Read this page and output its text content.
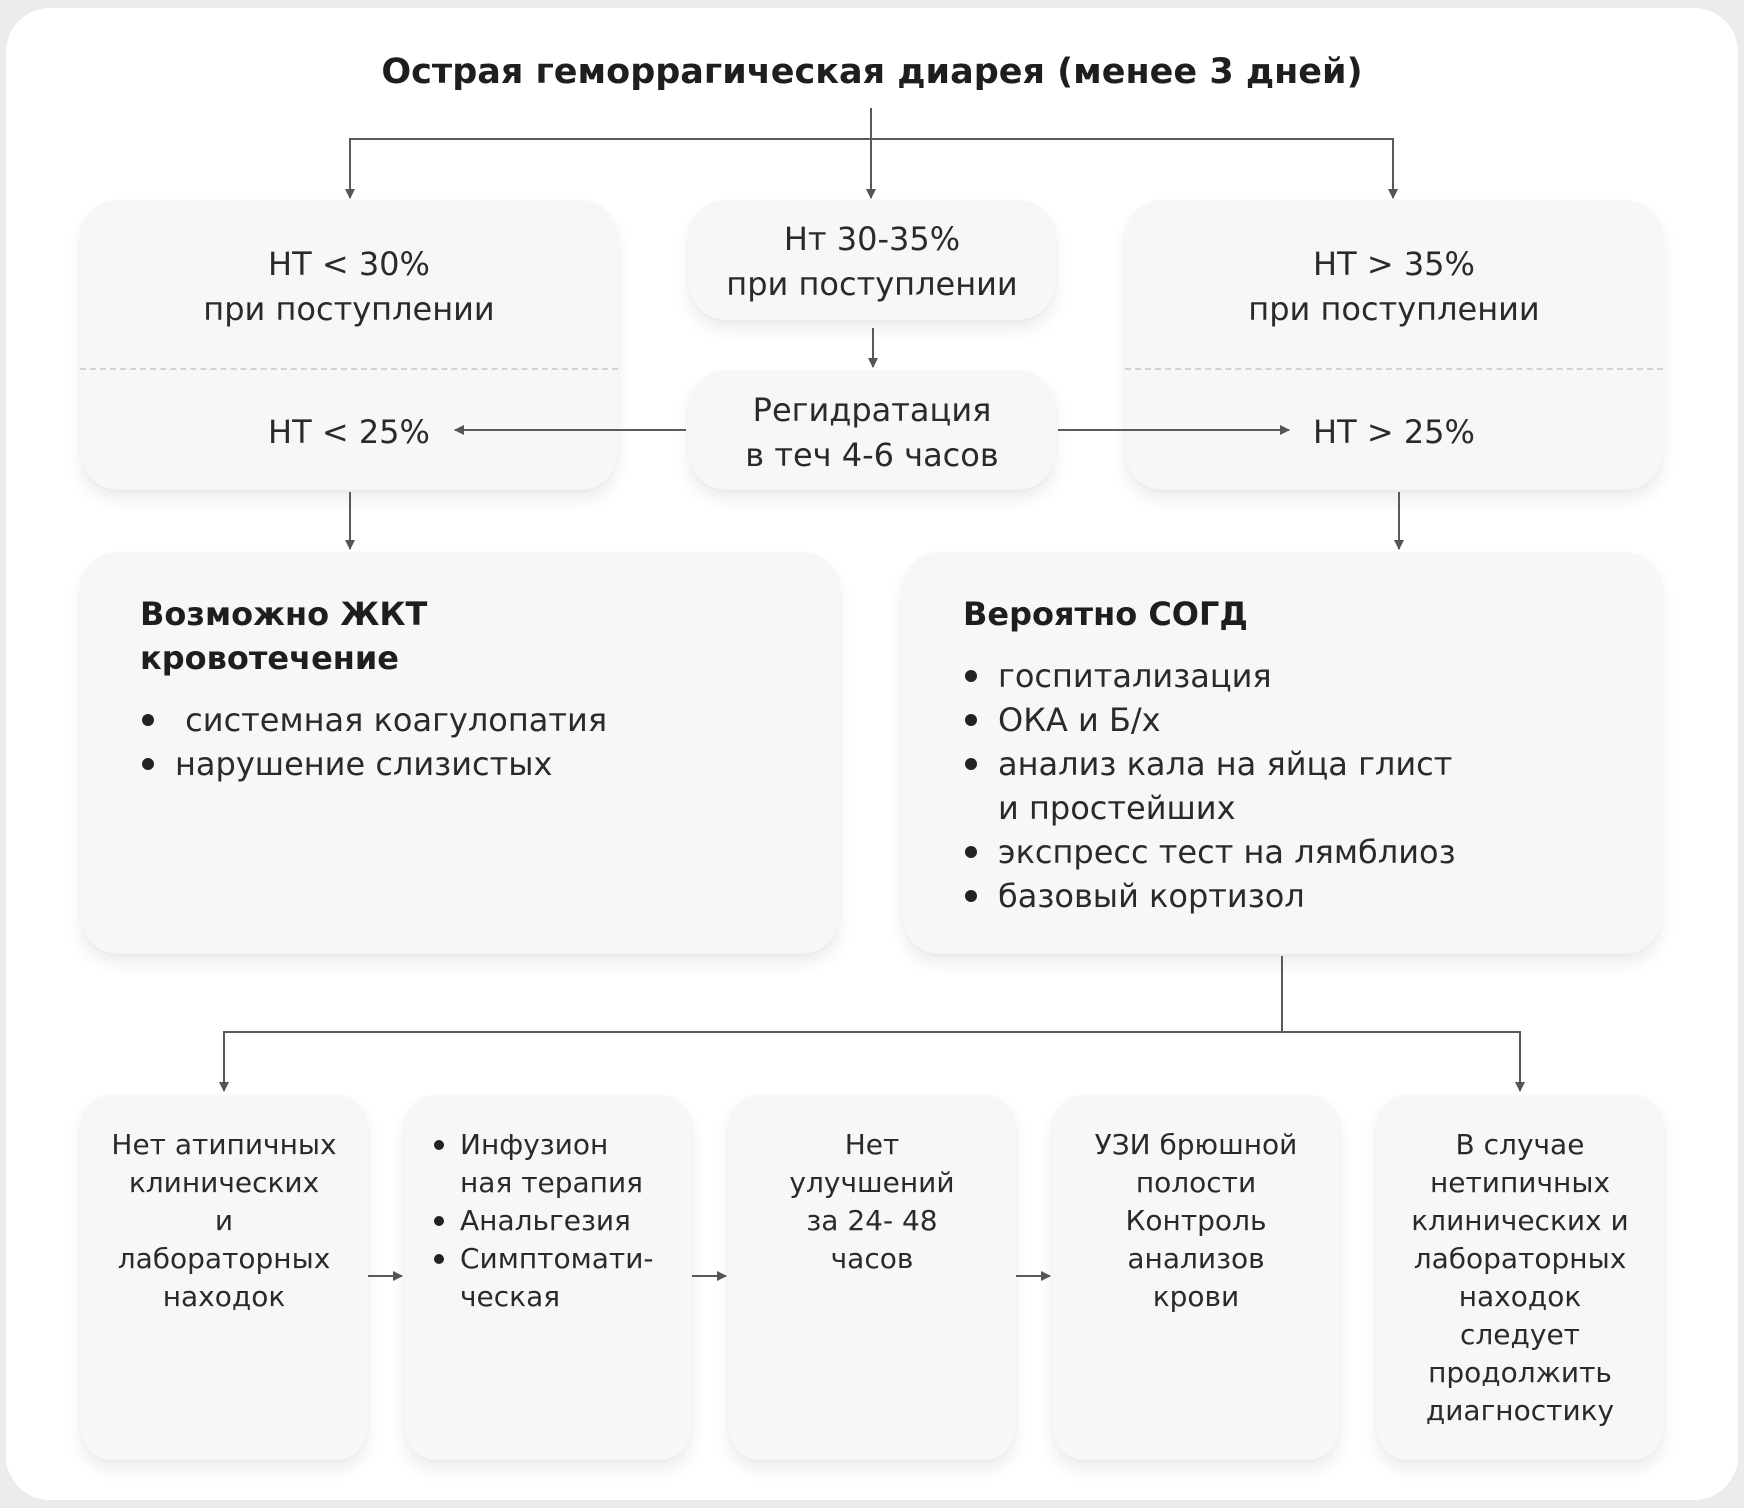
Острая геморрагическая диарея (менее 3 дней)
НТ < 30%
при поступлении
НТ < 25%
Нт 30-35%
при поступлении
Регидратация
в теч 4-6 часов
НТ > 35%
при поступлении
НТ > 25%
Возможно ЖКТ
кровотечение
системная коагулопатия
нарушение слизистых
Вероятно СОГД
госпитализация
ОКА и Б/х
анализ кала на яйца глист
и простейших
экспресс тест на лямблиоз
базовый кортизол
Нет атипичных
клинических
и
лабораторных
находок
Инфузион
ная терапия
Анальгезия
Симптомати-
ческая
Нет
улучшений
за 24- 48
часов
УЗИ брюшной
полости
Контроль
анализов
крови
В случае
нетипичных
клинических и
лабораторных
находок
следует
продолжить
диагностику
